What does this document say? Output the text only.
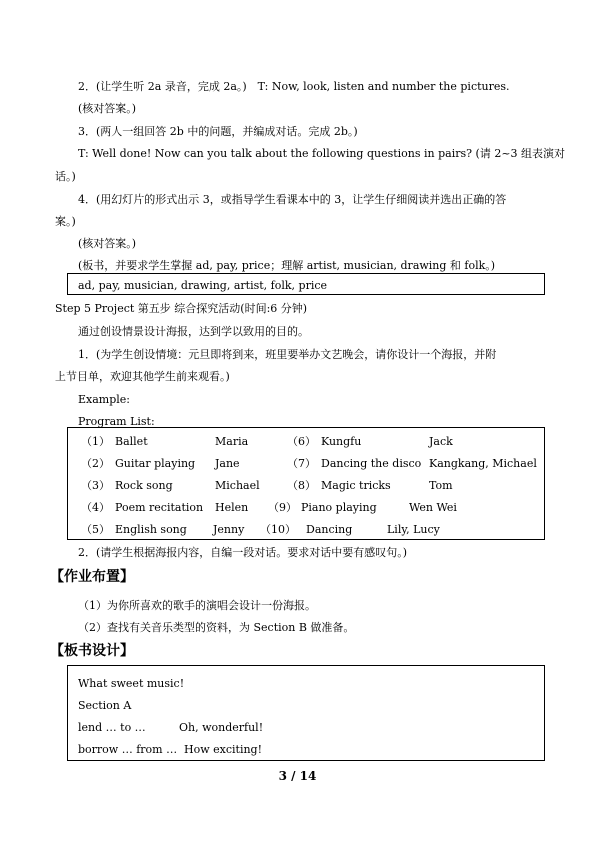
2．(让学生听 2a 录音，完成 2a。)　T: Now, look, listen and number the pictures.
(核对答案。)
3．(两人一组回答 2b 中的问题，并编成对话。完成 2b。)
T: Well done! Now can you talk about the following questions in pairs? (请 2~3 组表演对
话。)
4．(用幻灯片的形式出示 3，或指导学生看课本中的 3，让学生仔细阅读并选出正确的答
案。)
(核对答案。)
(板书，并要求学生掌握 ad, pay, price；理解 artist, musician, drawing 和 folk。)
ad, pay, musician, drawing, artist, folk, price
Step 5 Project 第五步 综合探究活动(时间:6 分钟)
通过创设情景设计海报，达到学以致用的目的。
1．(为学生创设情境：元旦即将到来，班里要举办文艺晚会，请你设计一个海报，并附
上节目单，欢迎其他学生前来观看。)
Example:
Program List:
（1） Ballet	Maria	（6） Kungfu	Jack
（2） Guitar playing Jane	（7） Dancing the disco Kangkang, Michael
（3） Rock song	Michael （8） Magic tricks	Tom
（4） Poem recitation Helen （9） Piano playing	Wen Wei
（5） English song Jenny （10） Dancing	Lily, Lucy
2．(请学生根据海报内容，自编一段对话。要求对话中要有感叹句。)
【作业布置】
（1）为你所喜欢的歌手的演唱会设计一份海报。
（2）查找有关音乐类型的资料，为 Section B 做准备。
【板书设计】
What sweet music!
Section A
lend … to …	Oh, wonderful!
borrow … from … How exciting!
3 / 14
